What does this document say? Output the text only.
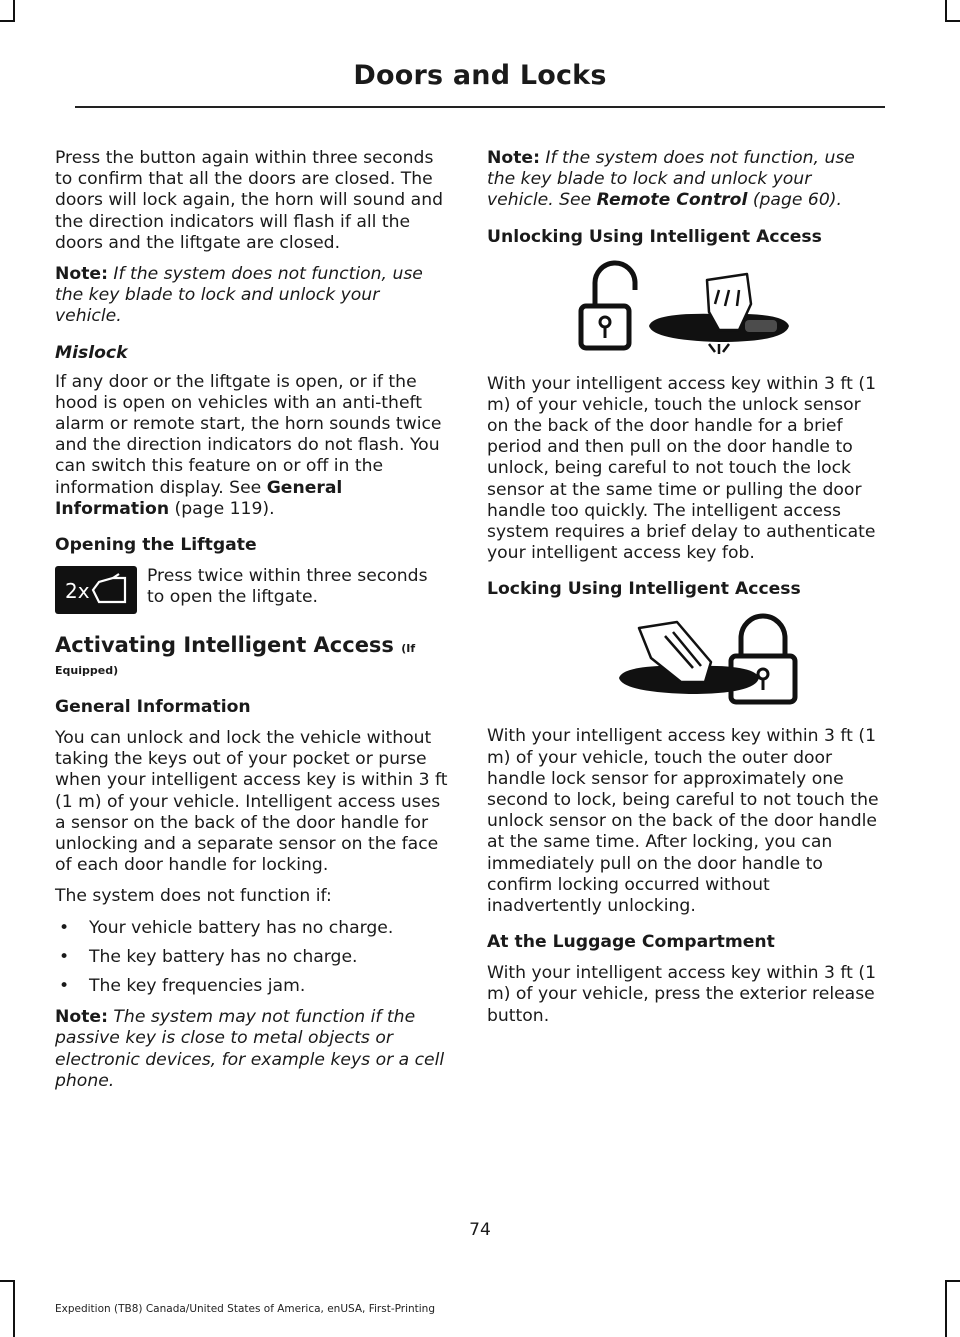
Doors and Locks

Press the button again within three seconds to confirm that all the doors are closed. The doors will lock again, the horn will sound and the direction indicators will flash if all the doors and the liftgate are closed.

Note: If the system does not function, use the key blade to lock and unlock your vehicle.

Mislock

If any door or the liftgate is open, or if the hood is open on vehicles with an anti-theft alarm or remote start, the horn sounds twice and the direction indicators do not flash. You can switch this feature on or off in the information display. See General Information (page 119).

Opening the Liftgate
2x

Press twice within three seconds to open the liftgate.

Activating Intelligent Access (If
Equipped)
General Information

You can unlock and lock the vehicle without taking the keys out of your pocket or purse when your intelligent access key is within 3 ft (1 m) of your vehicle. Intelligent access uses a sensor on the back of the door handle for unlocking and a separate sensor on the face of each door handle for locking.

The system does not function if:

• Your vehicle battery has no charge.
• The key battery has no charge.
• The key frequencies jam.

Note: The system may not function if the passive key is close to metal objects or electronic devices, for example keys or a cell phone.

Note: If the system does not function, use the key blade to lock and unlock your vehicle. See Remote Control (page 60).

Unlocking Using Intelligent Access

With your intelligent access key within 3 ft (1 m) of your vehicle, touch the unlock sensor on the back of the door handle for a brief period and then pull on the door handle to unlock, being careful to not touch the lock sensor at the same time or pulling the door handle too quickly. The intelligent access system requires a brief delay to authenticate your intelligent access key fob.

Locking Using Intelligent Access

With your intelligent access key within 3 ft (1 m) of your vehicle, touch the outer door handle lock sensor for approximately one second to lock, being careful to not touch the unlock sensor on the back of the door handle at the same time. After locking, you can immediately pull on the door handle to confirm locking occurred without inadvertently unlocking.

At the Luggage Compartment

With your intelligent access key within 3 ft (1 m) of your vehicle, press the exterior release button.

74
Expedition (TB8) Canada/United States of America, enUSA, First-Printing
